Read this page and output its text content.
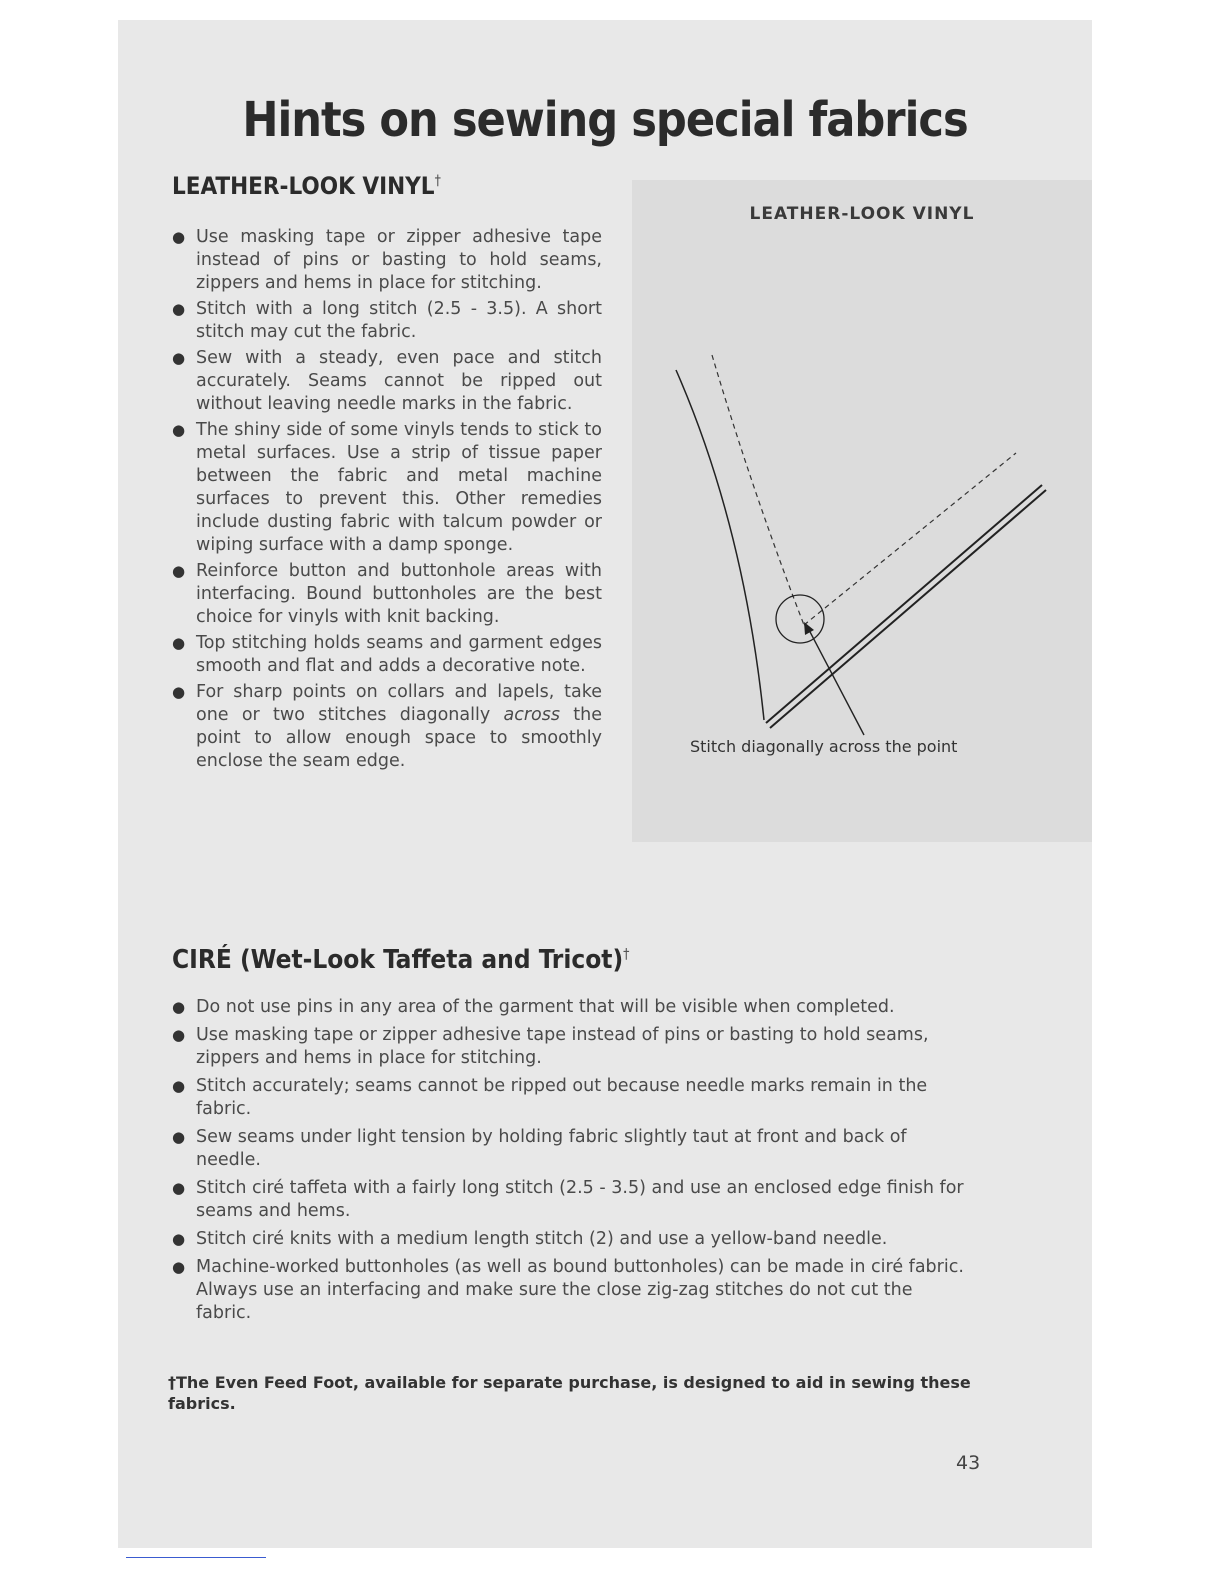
Hints on sewing special fabrics
LEATHER-LOOK VINYL†
● Use masking tape or zipper adhesive tape instead of pins or basting to hold seams, zippers and hems in place for stitching.
● Stitch with a long stitch (2.5 - 3.5). A short stitch may cut the fabric.
● Sew with a steady, even pace and stitch accurately. Seams cannot be ripped out without leaving needle marks in the fabric.
● The shiny side of some vinyls tends to stick to metal surfaces. Use a strip of tissue paper between the fabric and metal machine surfaces to prevent this. Other remedies include dusting fabric with talcum powder or wiping surface with a damp sponge.
● Reinforce button and buttonhole areas with interfacing. Bound buttonholes are the best choice for vinyls with knit backing.
● Top stitching holds seams and garment edges smooth and flat and adds a decorative note.
● For sharp points on collars and lapels, take one or two stitches diagonally across the point to allow enough space to smoothly enclose the seam edge.
LEATHER-LOOK VINYL
Stitch diagonally across the point
CIRÉ (Wet-Look Taffeta and Tricot)†
● Do not use pins in any area of the garment that will be visible when completed.
● Use masking tape or zipper adhesive tape instead of pins or basting to hold seams, zippers and hems in place for stitching.
● Stitch accurately; seams cannot be ripped out because needle marks remain in the fabric.
● Sew seams under light tension by holding fabric slightly taut at front and back of needle.
● Stitch ciré taffeta with a fairly long stitch (2.5 - 3.5) and use an enclosed edge finish for seams and hems.
● Stitch ciré knits with a medium length stitch (2) and use a yellow-band needle.
● Machine-worked buttonholes (as well as bound buttonholes) can be made in ciré fabric. Always use an interfacing and make sure the close zig-zag stitches do not cut the fabric.
†The Even Feed Foot, available for separate purchase, is designed to aid in sewing these fabrics.
43
